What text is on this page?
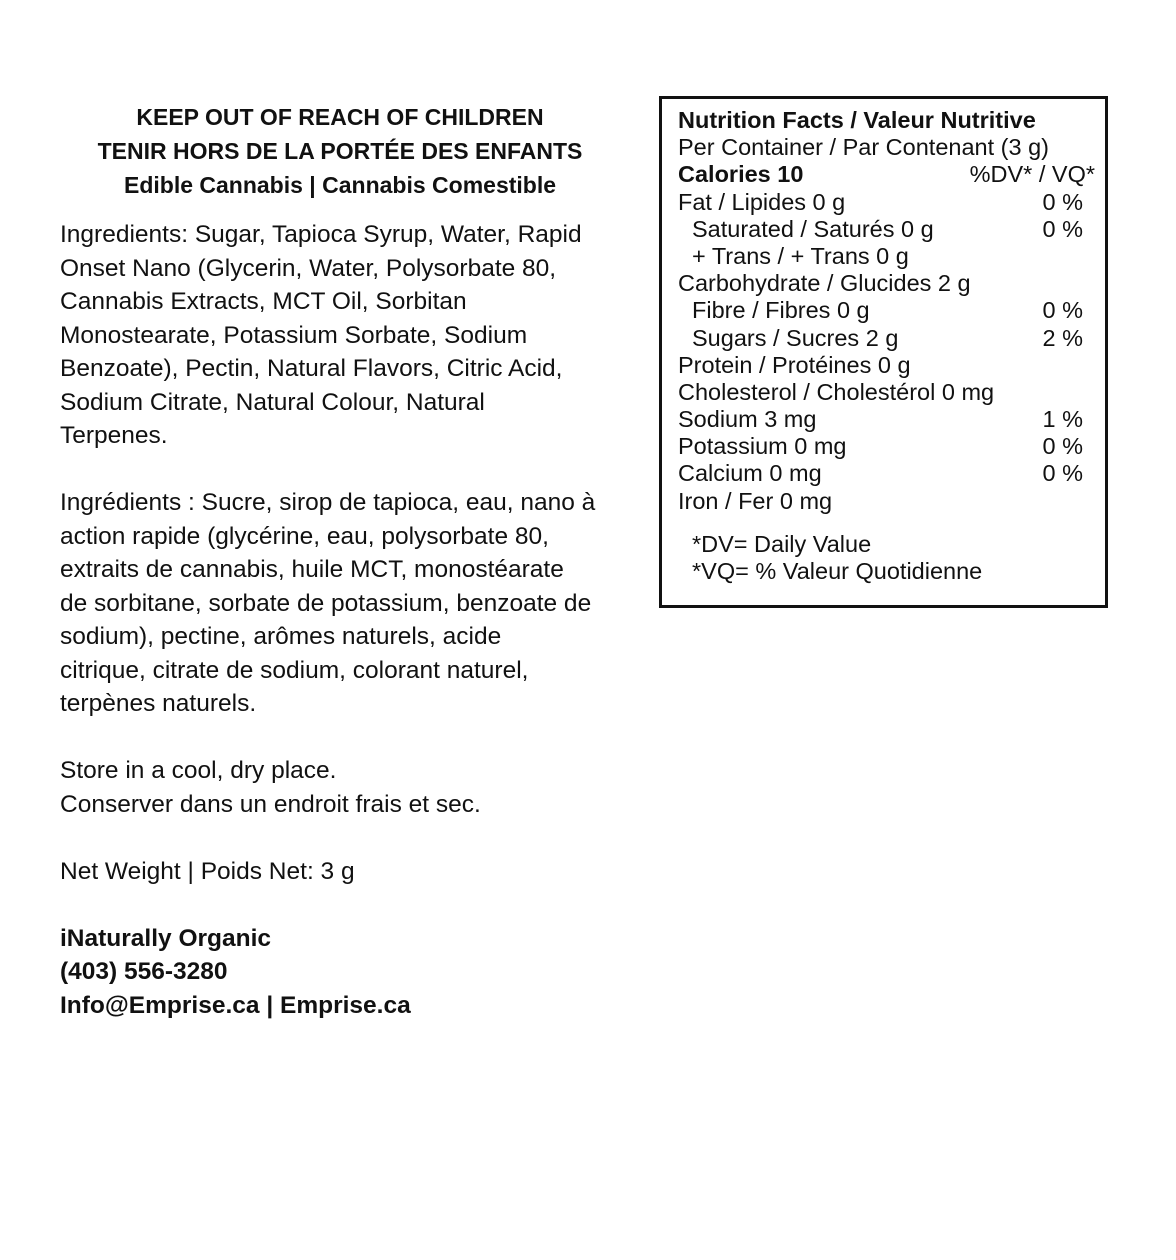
KEEP OUT OF REACH OF CHILDREN
TENIR HORS DE LA PORTÉE DES ENFANTS
Edible Cannabis | Cannabis Comestible

Ingredients: Sugar, Tapioca Syrup, Water, Rapid
Onset Nano (Glycerin, Water, Polysorbate 80,
Cannabis Extracts, MCT Oil, Sorbitan
Monostearate, Potassium Sorbate, Sodium
Benzoate), Pectin, Natural Flavors, Citric Acid,
Sodium Citrate, Natural Colour, Natural
Terpenes.

Ingrédients : Sucre, sirop de tapioca, eau, nano à
action rapide (glycérine, eau, polysorbate 80,
extraits de cannabis, huile MCT, monostéarate
de sorbitane, sorbate de potassium, benzoate de
sodium), pectine, arômes naturels, acide
citrique, citrate de sodium, colorant naturel,
terpènes naturels.

Store in a cool, dry place.
Conserver dans un endroit frais et sec.

Net Weight | Poids Net: 3 g

iNaturally Organic
(403) 556-3280
Info@Emprise.ca | Emprise.ca

Nutrition Facts / Valeur Nutritive
Per Container / Par Contenant (3 g)
Calories 10	%DV* / VQ*
Fat / Lipides 0 g	0 %
Saturated / Saturés 0 g	0 %
+ Trans / + Trans 0 g
Carbohydrate / Glucides 2 g
Fibre / Fibres 0 g	0 %
Sugars / Sucres 2 g	2 %
Protein / Protéines 0 g
Cholesterol / Cholestérol 0 mg
Sodium 3 mg	1 %
Potassium 0 mg	0 %
Calcium 0 mg	0 %
Iron / Fer 0 mg
*DV= Daily Value
*VQ= % Valeur Quotidienne
